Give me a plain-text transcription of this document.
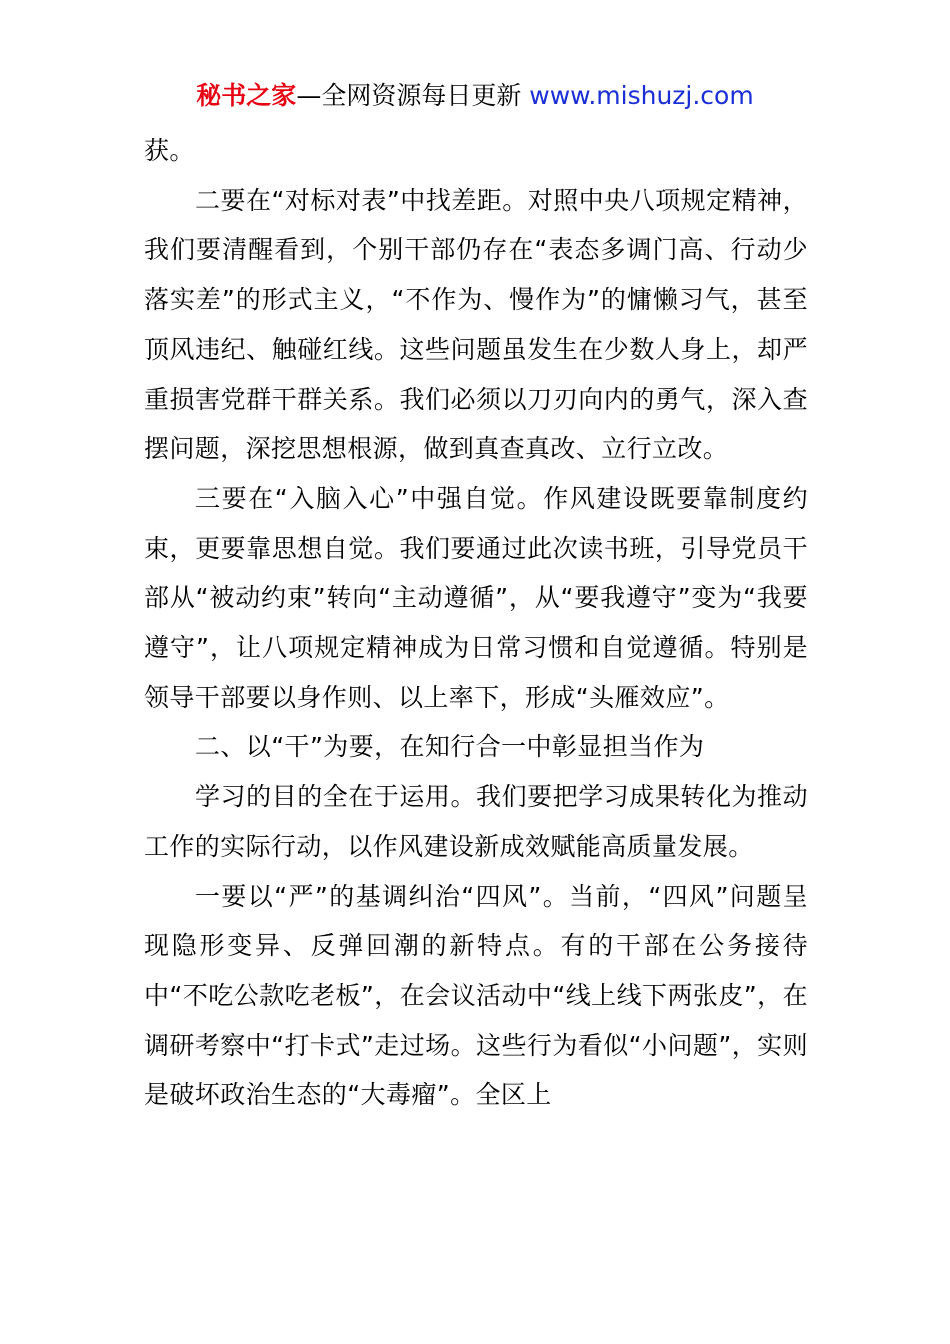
秘书之家—全网资源每日更新 www.mishuzj.com

获。

二要在“对标对表”中找差距。对照中央八项规定精神，我们要清醒看到，个别干部仍存在“表态多调门高、行动少落实差”的形式主义，“不作为、慢作为”的慵懒习气，甚至顶风违纪、触碰红线。这些问题虽发生在少数人身上，却严重损害党群干群关系。我们必须以刀刃向内的勇气，深入查摆问题，深挖思想根源，做到真查真改、立行立改。

三要在“入脑入心”中强自觉。作风建设既要靠制度约束，更要靠思想自觉。我们要通过此次读书班，引导党员干部从“被动约束”转向“主动遵循”，从“要我遵守”变为“我要遵守”，让八项规定精神成为日常习惯和自觉遵循。特别是领导干部要以身作则、以上率下，形成“头雁效应”。

二、以“干”为要，在知行合一中彰显担当作为

学习的目的全在于运用。我们要把学习成果转化为推动工作的实际行动，以作风建设新成效赋能高质量发展。

一要以“严”的基调纠治“四风”。当前，“四风”问题呈现隐形变异、反弹回潮的新特点。有的干部在公务接待中“不吃公款吃老板”，在会议活动中“线上线下两张皮”，在调研考察中“打卡式”走过场。这些行为看似“小问题”，实则是破坏政治生态的“大毒瘤”。全区上
